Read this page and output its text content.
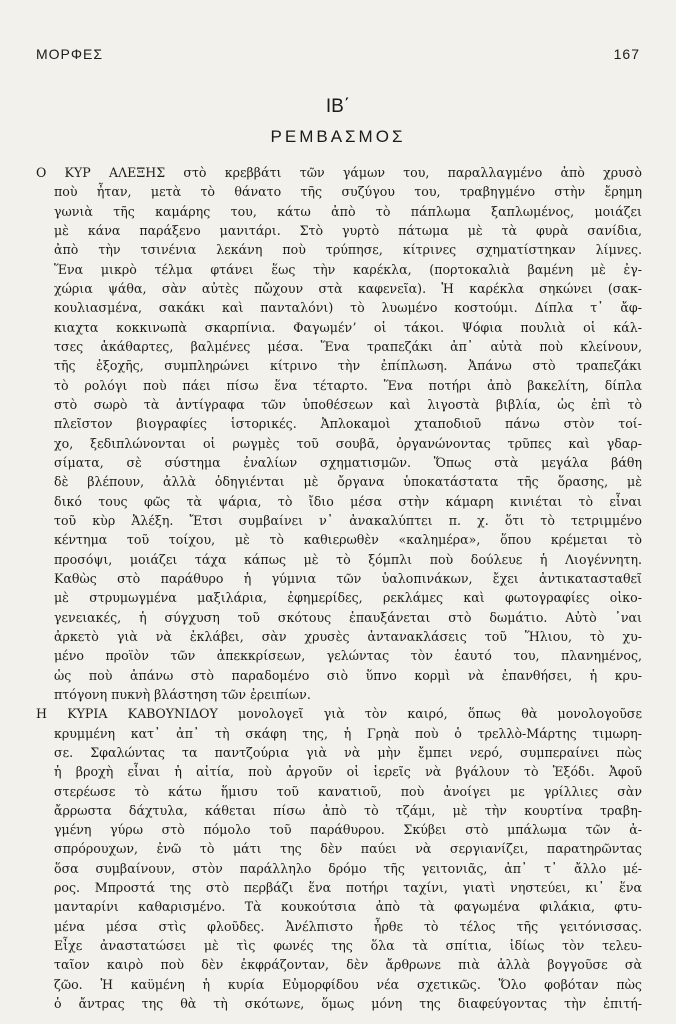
ΜΟΡΦΕΣ	167
ΙΒ΄
ΡΕΜΒΑΣΜΟΣ
Ο ΚΥΡ ΑΛΕΞΗΣ στὸ κρεββάτι τῶν γάμων του, παραλλαγμένο ἀπὸ χρυσὸ
ποὺ ἦταν, μετὰ τὸ θάνατο τῆς συζύγου του, τραβηγμένο στὴν ἔρημη
γωνιὰ τῆς καμάρης του, κάτω ἀπὸ τὸ πάπλωμα ξαπλωμένος, μοιάζει
μὲ κάνα παράξενο μανιτάρι. Στὸ γυρτὸ πάτωμα μὲ τὰ φυρὰ σανίδια,
ἀπὸ τὴν τσινένια λεκάνη ποὺ τρύπησε, κίτρινες σχηματίστηκαν λίμνες.
Ἕνα μικρὸ τέλμα φτάνει ἕως τὴν καρέκλα, (πορτοκαλιὰ βαμένη μὲ ἐγ-
χώρια ψάθα, σὰν αὐτὲς πὤχουν στὰ καφενεῖα). Ἡ καρέκλα σηκώνει (σακ-
κουλιασμένα, σακάκι καὶ πανταλόνι) τὸ λυωμένο κοστούμι. Δίπλα τ᾿ ἄφ-
κιαχτα κοκκινωπὰ σκαρπίνια. Φαγωμένʼ οἱ τάκοι. Ψόφια πουλιὰ οἱ κάλ-
τσες ἀκάθαρτες, βαλμένες μέσα. Ἕνα τραπεζάκι ἀπ᾿ αὐτὰ ποὺ κλείνουν,
τῆς ἐξοχῆς, συμπληρώνει κίτρινο τὴν ἐπίπλωση. Ἀπάνω στὸ τραπεζάκι
τὸ ρολόγι ποὺ πάει πίσω ἕνα τέταρτο. Ἕνα ποτήρι ἀπὸ βακελίτη, δίπλα
στὸ σωρὸ τὰ ἀντίγραφα τῶν ὑποθέσεων καὶ λιγοστὰ βιβλία, ὡς ἐπὶ τὸ
πλεῖστον βιογραφίες ἱστορικές. Ἀπλοκαμοὶ χταποδιοῦ πάνω στὸν τοί-
χο, ξεδιπλώνονται οἱ ρωγμὲς τοῦ σουβᾶ, ὀργανώνοντας τρῦπες καὶ γδαρ-
σίματα, σὲ σύστημα ἐναλίων σχηματισμῶν. Ὅπως στὰ μεγάλα βάθη
δὲ βλέπουν, ἀλλὰ ὁδηγιένται μὲ ὄργανα ὑποκατάστατα τῆς ὅρασης, μὲ
δικό τους φῶς τὰ ψάρια, τὸ ἴδιο μέσα στὴν κάμαρη κινιέται τὸ εἶναι
τοῦ κὺρ Ἀλέξη. Ἔτσι συμβαίνει ν᾿ ἀνακαλύπτει π. χ. ὅτι τὸ τετριμμένο
κέντημα τοῦ τοίχου, μὲ τὸ καθιερωθὲν «καλημέρα», ὅπου κρέμεται τὸ
προσόψι, μοιάζει τάχα κάπως μὲ τὸ ξόμπλι ποὺ δούλευε ἡ Λιογέννητη.
Καθὼς στὸ παράθυρο ἡ γύμνια τῶν ὑαλοπινάκων, ἔχει ἀντικατασταθεῖ
μὲ στρυμωγμένα μαξιλάρια, ἐφημερίδες, ρεκλάμες καὶ φωτογραφίες οἰκο-
γενειακές, ἡ σύγχυση τοῦ σκότους ἐπαυξάνεται στὸ δωμάτιο. Αὐτὸ ᾿ναι
ἀρκετὸ γιὰ νὰ ἐκλάβει, σὰν χρυσὲς ἀντανακλάσεις τοῦ Ἥλιου, τὸ χυ-
μένο προϊὸν τῶν ἀπεκκρίσεων, γελώντας τὸν ἑαυτό του, πλανημένος,
ὡς ποὺ ἀπάνω στὸ παραδομένο σιὸ ὕπνο κορμὶ νὰ ἐπανθήσει, ἡ κρυ-
πτόγονη πυκνὴ βλάστηση τῶν ἐρειπίων.
Η ΚΥΡΙΑ ΚΑΒΟΥΝΙΔΟΥ μονολογεῖ γιὰ τὸν καιρό, ὅπως θὰ μονολογοῦσε
κρυμμένη κατ᾿ ἀπ᾿ τὴ σκάφη της, ἡ Γρηὰ ποὺ ὁ τρελλὸ-Μάρτης τιμωρη-
σε. Σφαλώντας τα παντζούρια γιὰ νὰ μὴν ἔμπει νερό, συμπεραίνει πὼς
ἡ βροχὴ εἶναι ἡ αἰτία, ποὺ ἀργοῦν οἱ ἱερεῖς νὰ βγάλουν τὸ Ἐξόδι. Ἀφοῦ
στερέωσε τὸ κάτω ἥμισυ τοῦ κανατιοῦ, ποὺ ἀνοίγει με γρίλλιες σὰν
ἄρρωστα δάχτυλα, κάθεται πίσω ἀπὸ τὸ τζάμι, μὲ τὴν κουρτίνα τραβη-
γμένη γύρω στὸ πόμολο τοῦ παράθυρου. Σκύβει στὸ μπάλωμα τῶν ἀ-
σπρόρουχων, ἐνῶ τὸ μάτι της δὲν παύει νὰ σεργιανίζει, παρατηρῶντας
ὅσα συμβαίνουν, στὸν παράλληλο δρόμο τῆς γειτονιᾶς, ἀπ᾿ τ᾿ ἄλλο μέ-
ρος. Μπροστά της στὸ περβάζι ἕνα ποτήρι ταχίνι, γιατὶ νηστεύει, κι᾿ ἕνα
μανταρίνι καθαρισμένο. Τὰ κουκούτσια ἀπὸ τὰ φαγωμένα φιλάκια, φτυ-
μένα μέσα στὶς φλοῦδες. Ἀνέλπιστο ἦρθε τὸ τέλος τῆς γειτόνισσας.
Εἶχε ἀναστατώσει μὲ τὶς φωνές της ὅλα τὰ σπίτια, ἰδίως τὸν τελευ-
ταῖον καιρὸ ποὺ δὲν ἐκφράζονταν, δὲν ἄρθρωνε πιὰ ἀλλὰ βογγοῦσε σὰ
ζῶο. Ἡ καϋμένη ἡ κυρία Εὐμορφίδου νέα σχετικῶς. Ὅλο φοβόταν πὼς
ὁ ἄντρας της θὰ τὴ σκότωνε, ὅμως μόνη της διαφεύγοντας τὴν ἐπιτή-
